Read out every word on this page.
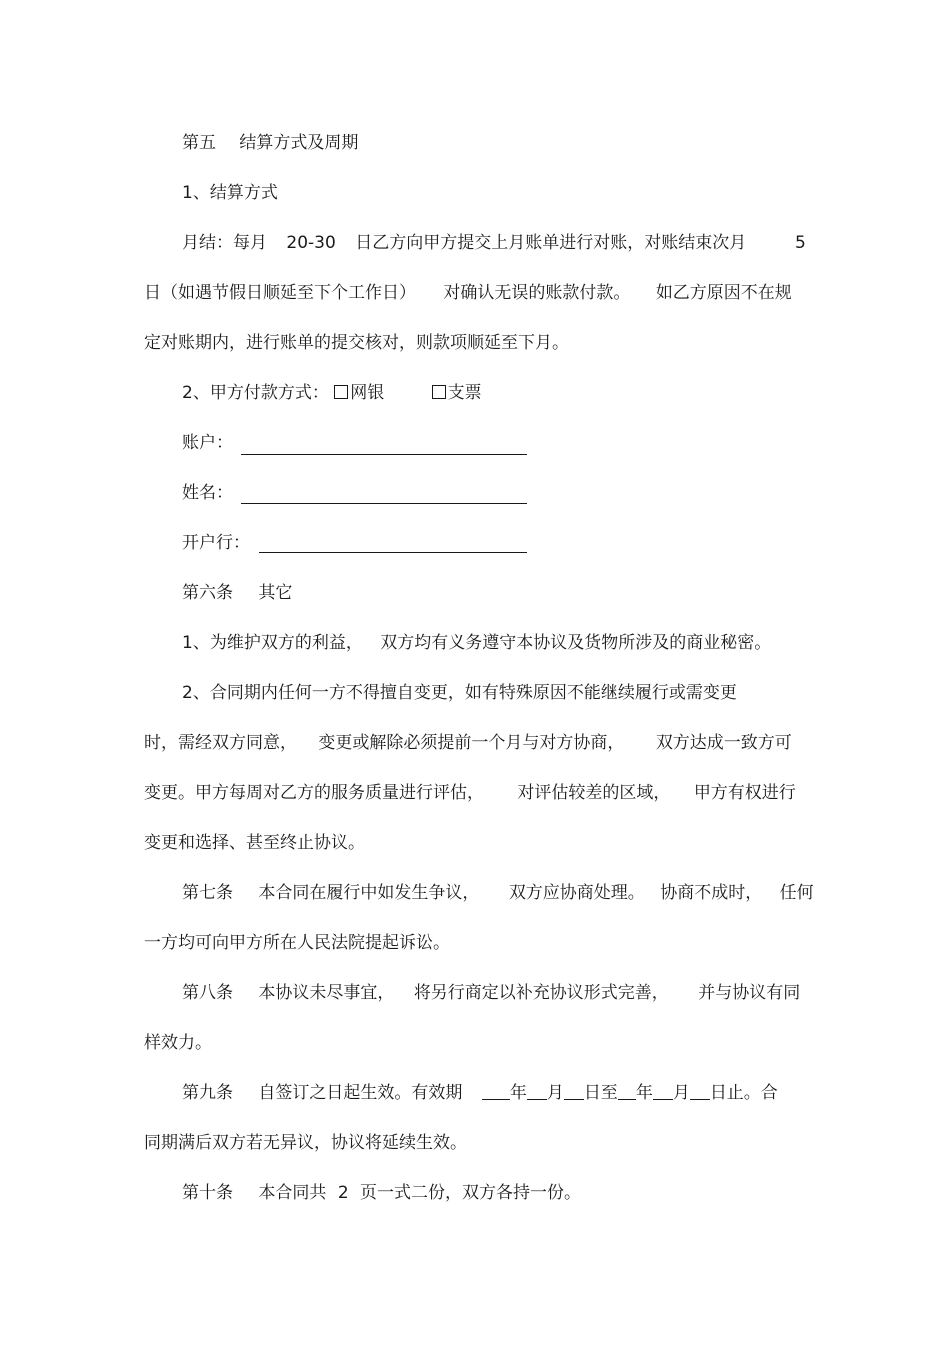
第五 结算方式及周期
1、结算方式
月结：每月 20-30 日乙方向甲方提交上月账单进行对账，对账结束次月	5
日（如遇节假日顺延至下个工作日） 对确认无误的账款付款。 如乙方原因不在规
定对账期内，进行账单的提交核对，则款项顺延至下月。
2、甲方付款方式： 网银	支票
账户：
姓名：
开户行：
第六条 其它
1、为维护双方的利益， 双方均有义务遵守本协议及货物所涉及的商业秘密。
2、合同期内任何一方不得擅自变更，如有特殊原因不能继续履行或需变更
时，需经双方同意， 变更或解除必须提前一个月与对方协商， 双方达成一致方可
变更。甲方每周对乙方的服务质量进行评估， 对评估较差的区域， 甲方有权进行
变更和选择、甚至终止协议。
第七条 本合同在履行中如发生争议， 双方应协商处理。 协商不成时， 任何
一方均可向甲方所在人民法院提起诉讼。
第八条 本协议未尽事宜， 将另行商定以补充协议形式完善， 并与协议有同
样效力。
第九条 自签订之日起生效。有效期	年 月 日至 年 月 日止。合
同期满后双方若无异议，协议将延续生效。
第十条 本合同共 2 页一式二份，双方各持一份。
